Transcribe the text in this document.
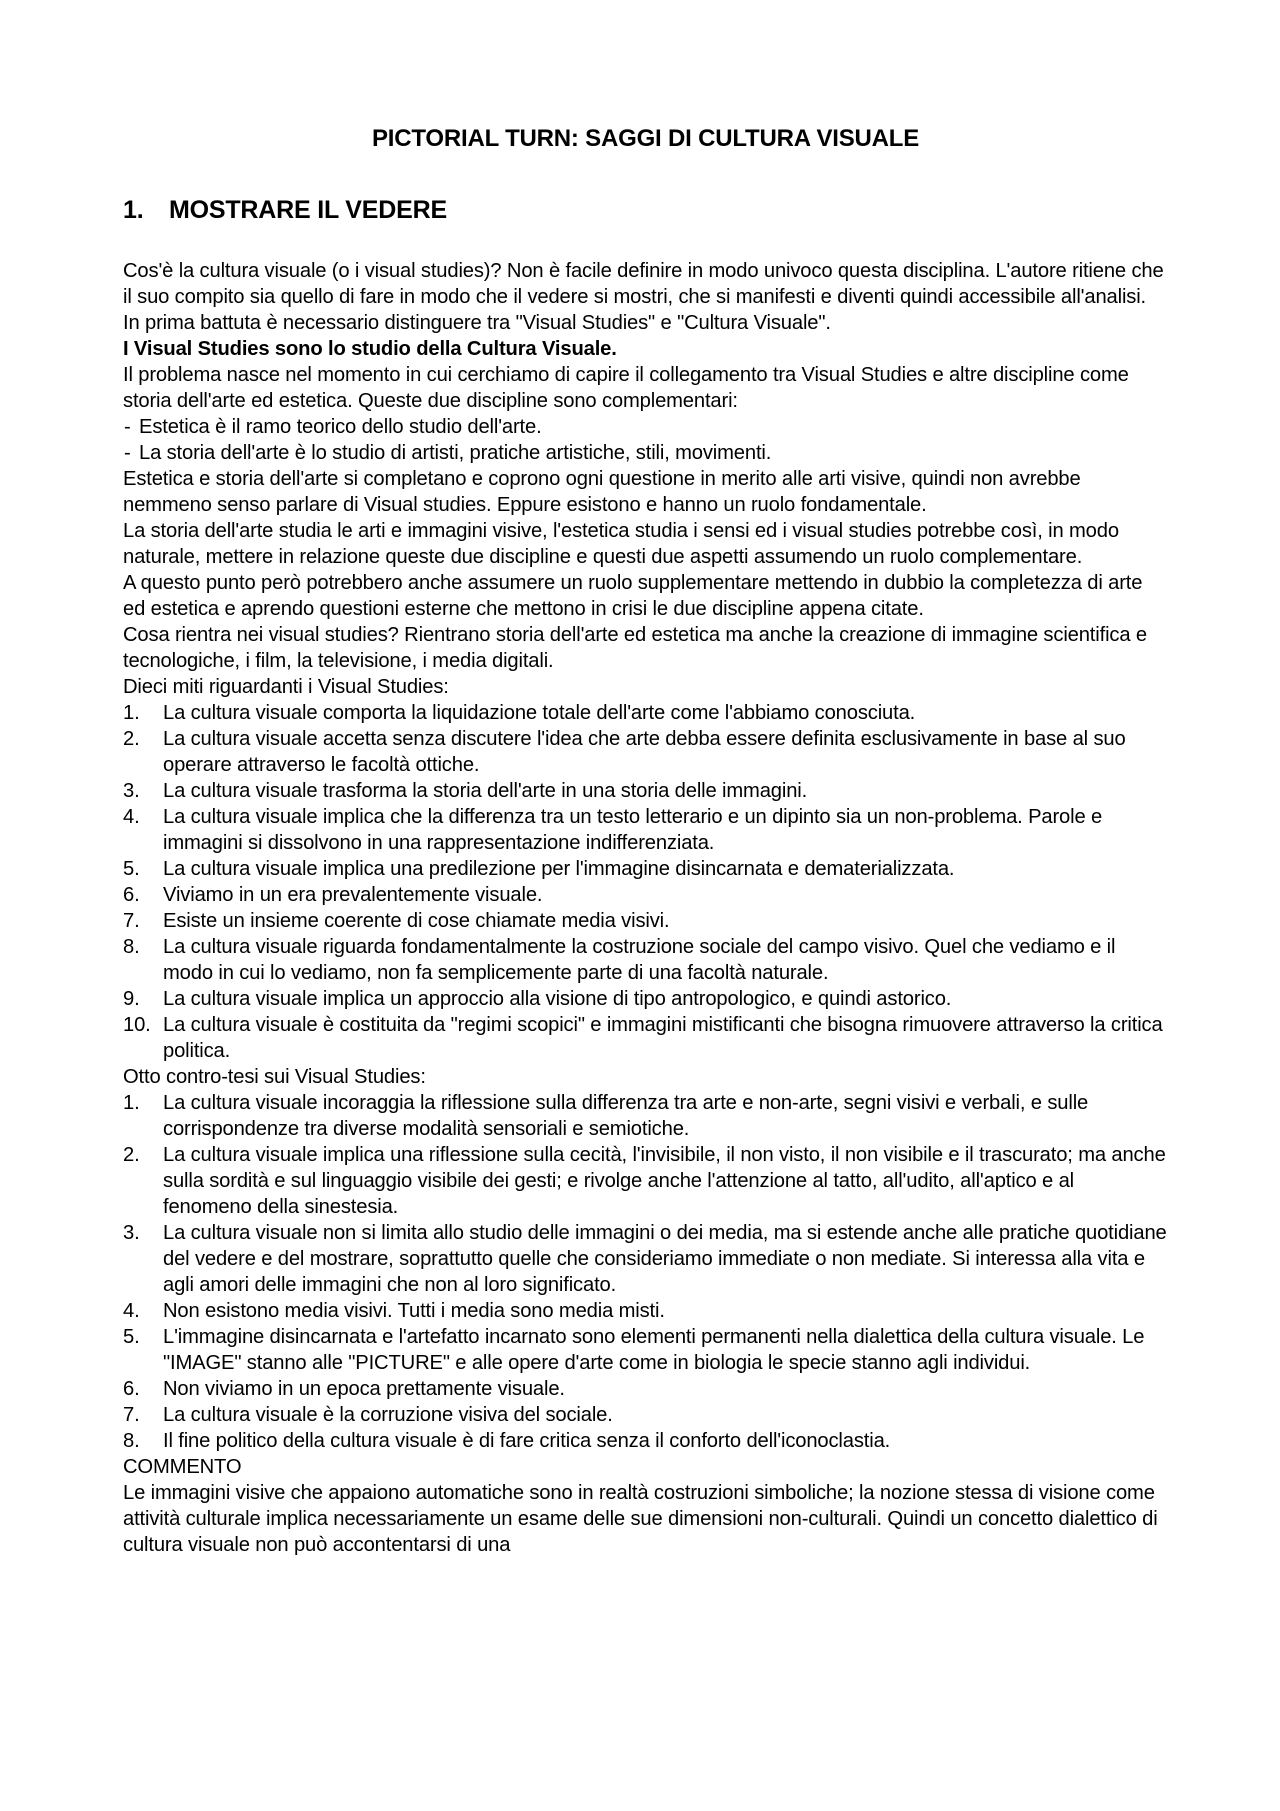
PICTORIAL TURN: SAGGI DI CULTURA VISUALE
1.	MOSTRARE IL VEDERE

Cos'è la cultura visuale (o i visual studies)? Non è facile definire in modo univoco questa disciplina. L'autore ritiene che il suo compito sia quello di fare in modo che il vedere si mostri, che si manifesti e diventi quindi accessibile all'analisi.

In prima battuta è necessario distinguere tra "Visual Studies" e "Cultura Visuale".

I Visual Studies sono lo studio della Cultura Visuale.

Il problema nasce nel momento in cui cerchiamo di capire il collegamento tra Visual Studies e altre discipline come storia dell'arte ed estetica. Queste due discipline sono complementari:

- Estetica è il ramo teorico dello studio dell'arte.
- La storia dell'arte è lo studio di artisti, pratiche artistiche, stili, movimenti.

Estetica e storia dell'arte si completano e coprono ogni questione in merito alle arti visive, quindi non avrebbe nemmeno senso parlare di Visual studies. Eppure esistono e hanno un ruolo fondamentale.

La storia dell'arte studia le arti e immagini visive, l'estetica studia i sensi ed i visual studies potrebbe così, in modo naturale, mettere in relazione queste due discipline e questi due aspetti assumendo un ruolo complementare.

A questo punto però potrebbero anche assumere un ruolo supplementare mettendo in dubbio la completezza di arte ed estetica e aprendo questioni esterne che mettono in crisi le due discipline appena citate.

Cosa rientra nei visual studies? Rientrano storia dell'arte ed estetica ma anche la creazione di immagine scientifica e tecnologiche, i film, la televisione, i media digitali.

Dieci miti riguardanti i Visual Studies:

1.	La cultura visuale comporta la liquidazione totale dell'arte come l'abbiamo conosciuta.
2.	La cultura visuale accetta senza discutere l'idea che arte debba essere definita esclusivamente in base al suo operare attraverso le facoltà ottiche.
3.	La cultura visuale trasforma la storia dell'arte in una storia delle immagini.
4.	La cultura visuale implica che la differenza tra un testo letterario e un dipinto sia un non-problema. Parole e immagini si dissolvono in una rappresentazione indifferenziata.
5.	La cultura visuale implica una predilezione per l'immagine disincarnata e dematerializzata.
6.	Viviamo in un era prevalentemente visuale.
7.	Esiste un insieme coerente di cose chiamate media visivi.
8.	La cultura visuale riguarda fondamentalmente la costruzione sociale del campo visivo. Quel che vediamo e il modo in cui lo vediamo, non fa semplicemente parte di una facoltà naturale.
9.	La cultura visuale implica un approccio alla visione di tipo antropologico, e quindi astorico.
10. La cultura visuale è costituita da "regimi scopici" e immagini mistificanti che bisogna rimuovere attraverso la critica politica.

Otto contro-tesi sui Visual Studies:

1.	La cultura visuale incoraggia la riflessione sulla differenza tra arte e non-arte, segni visivi e verbali, e sulle corrispondenze tra diverse modalità sensoriali e semiotiche.
2.	La cultura visuale implica una riflessione sulla cecità, l'invisibile, il non visto, il non visibile e il trascurato; ma anche sulla sordità e sul linguaggio visibile dei gesti; e rivolge anche l'attenzione al tatto, all'udito, all'aptico e al fenomeno della sinestesia.
3.	La cultura visuale non si limita allo studio delle immagini o dei media, ma si estende anche alle pratiche quotidiane del vedere e del mostrare, soprattutto quelle che consideriamo immediate o non mediate. Si interessa alla vita e agli amori delle immagini che non al loro significato.
4.	Non esistono media visivi. Tutti i media sono media misti.
5.	L'immagine disincarnata e l'artefatto incarnato sono elementi permanenti nella dialettica della cultura visuale. Le "IMAGE" stanno alle "PICTURE" e alle opere d'arte come in biologia le specie stanno agli individui.
6.	Non viviamo in un epoca prettamente visuale.
7.	La cultura visuale è la corruzione visiva del sociale.
8.	Il fine politico della cultura visuale è di fare critica senza il conforto dell'iconoclastia.

COMMENTO

Le immagini visive che appaiono automatiche sono in realtà costruzioni simboliche; la nozione stessa di visione come attività culturale implica necessariamente un esame delle sue dimensioni non-culturali. Quindi un concetto dialettico di cultura visuale non può accontentarsi di una
